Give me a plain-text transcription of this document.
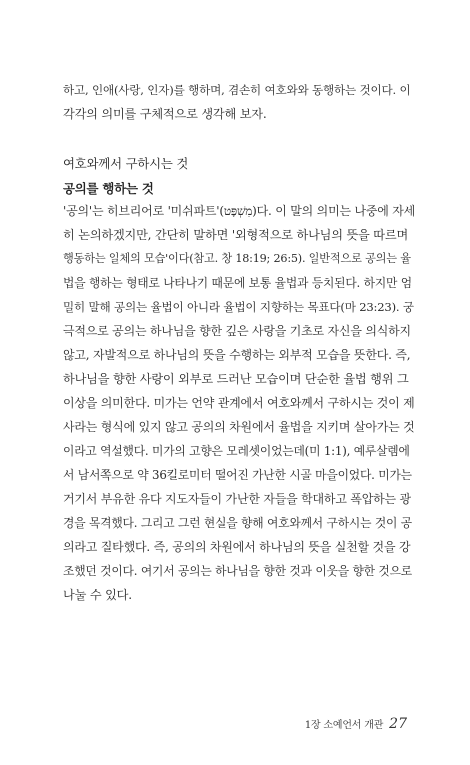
하고, 인애(사랑, 인자)를 행하며, 겸손히 여호와와 동행하는 것이다. 이
각각의 의미를 구체적으로 생각해 보자.
여호와께서 구하시는 것
공의를 행하는 것
'공의'는 히브리어로 '미쉬파트'(מִשְׁפָּט)다. 이 말의 의미는 나중에 자세
히 논의하겠지만, 간단히 말하면 '외형적으로 하나님의 뜻을 따르며
행동하는 일체의 모습'이다(참고. 창 18:19; 26:5). 일반적으로 공의는 율
법을 행하는 형태로 나타나기 때문에 보통 율법과 등치된다. 하지만 엄
밀히 말해 공의는 율법이 아니라 율법이 지향하는 목표다(마 23:23). 궁
극적으로 공의는 하나님을 향한 깊은 사랑을 기초로 자신을 의식하지
않고, 자발적으로 하나님의 뜻을 수행하는 외부적 모습을 뜻한다. 즉,
하나님을 향한 사랑이 외부로 드러난 모습이며 단순한 율법 행위 그
이상을 의미한다. 미가는 언약 관계에서 여호와께서 구하시는 것이 제
사라는 형식에 있지 않고 공의의 차원에서 율법을 지키며 살아가는 것
이라고 역설했다. 미가의 고향은 모레셋이었는데(미 1:1), 예루살렘에
서 남서쪽으로 약 36킬로미터 떨어진 가난한 시골 마을이었다. 미가는
거기서 부유한 유다 지도자들이 가난한 자들을 학대하고 폭압하는 광
경을 목격했다. 그리고 그런 현실을 향해 여호와께서 구하시는 것이 공
의라고 질타했다. 즉, 공의의 차원에서 하나님의 뜻을 실천할 것을 강
조했던 것이다. 여기서 공의는 하나님을 향한 것과 이웃을 향한 것으로
나눌 수 있다.
1장 소예언서 개관 27
